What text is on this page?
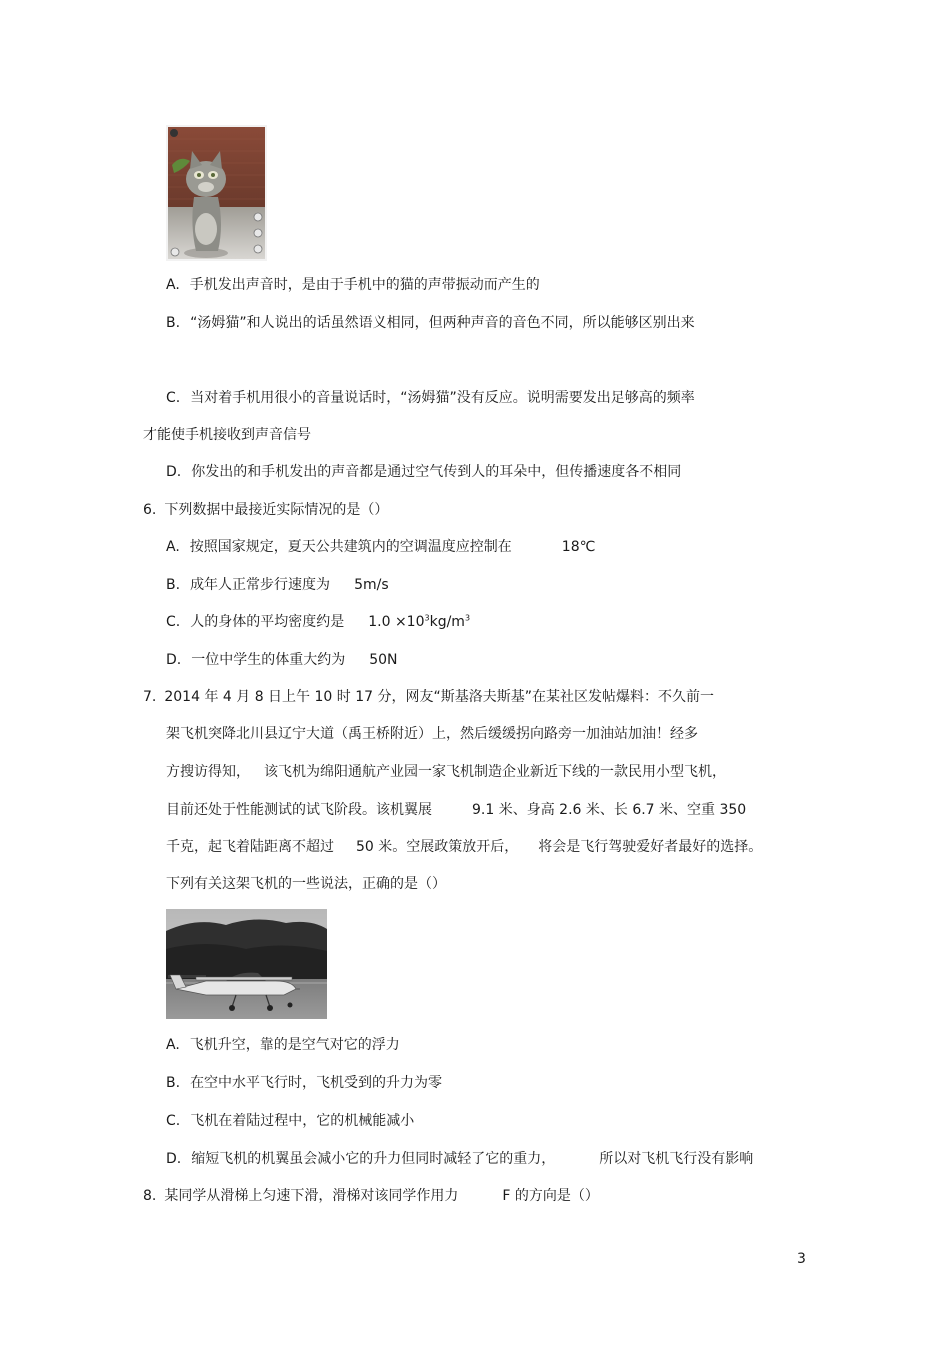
A. 手机发出声音时，是由于手机中的猫的声带振动而产生的
B. “汤姆猫”和人说出的话虽然语义相同，但两种声音的音色不同，所以能够区别出来
C. 当对着手机用很小的音量说话时，“汤姆猫”没有反应。说明需要发出足够高的频率
才能使手机接收到声音信号
D. 你发出的和手机发出的声音都是通过空气传到人的耳朵中，但传播速度各不相同
6. 下列数据中最接近实际情况的是（）
A. 按照国家规定，夏天公共建筑内的空调温度应控制在	18℃
B. 成年人正常步行速度为 5m/s
C. 人的身体的平均密度约是 $1.0 \times 10^3kg/m^3$
D. 一位中学生的体重大约为 50N
7. 2014 年 4 月 8 日上午 10 时 17 分，网友“斯基洛夫斯基”在某社区发帖爆料：不久前一
架飞机突降北川县辽宁大道（禹王桥附近）上，然后缓缓拐向路旁一加油站加油！经多
方搜访得知， 该飞机为绵阳通航产业园一家飞机制造企业新近下线的一款民用小型飞机，
目前还处于性能测试的试飞阶段。该机翼展	9.1 米、身高 2.6 米、长 6.7 米、空重 350
千克，起飞着陆距离不超过 50 米。空展政策放开后， 将会是飞行驾驶爱好者最好的选择。
下列有关这架飞机的一些说法，正确的是（）
A. 飞机升空，靠的是空气对它的浮力
B. 在空中水平飞行时，飞机受到的升力为零
C. 飞机在着陆过程中，它的机械能减小
D. 缩短飞机的机翼虽会减小它的升力但同时减轻了它的重力，	所以对飞机飞行没有影响
8. 某同学从滑梯上匀速下滑，滑梯对该同学作用力	F 的方向是（）
3
